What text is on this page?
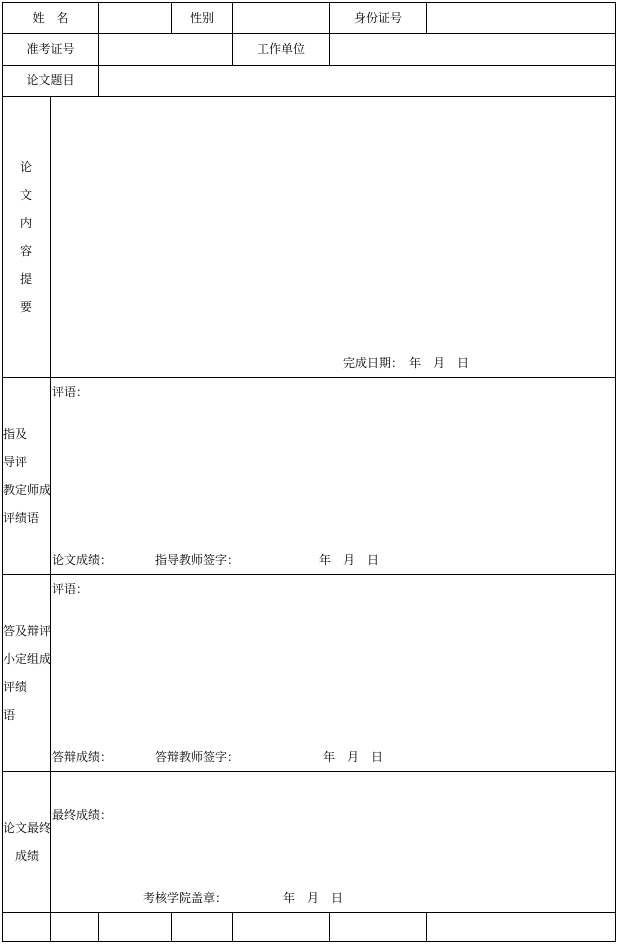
姓　名	性别	身份证号
准考证号	工作单位
论文题目
论
文
内
容
提
要
完成日期：　年　月　日
指及
导评
教定师成
评绩语
评语：
论文成绩：	指导教师签字：	年　月　日
答及辩评
小定组成
评绩
语
评语：
答辩成绩：	答辩教师签字：	年　月　日
论文最终
成绩
最终成绩：
考核学院盖章：	年　月　日
